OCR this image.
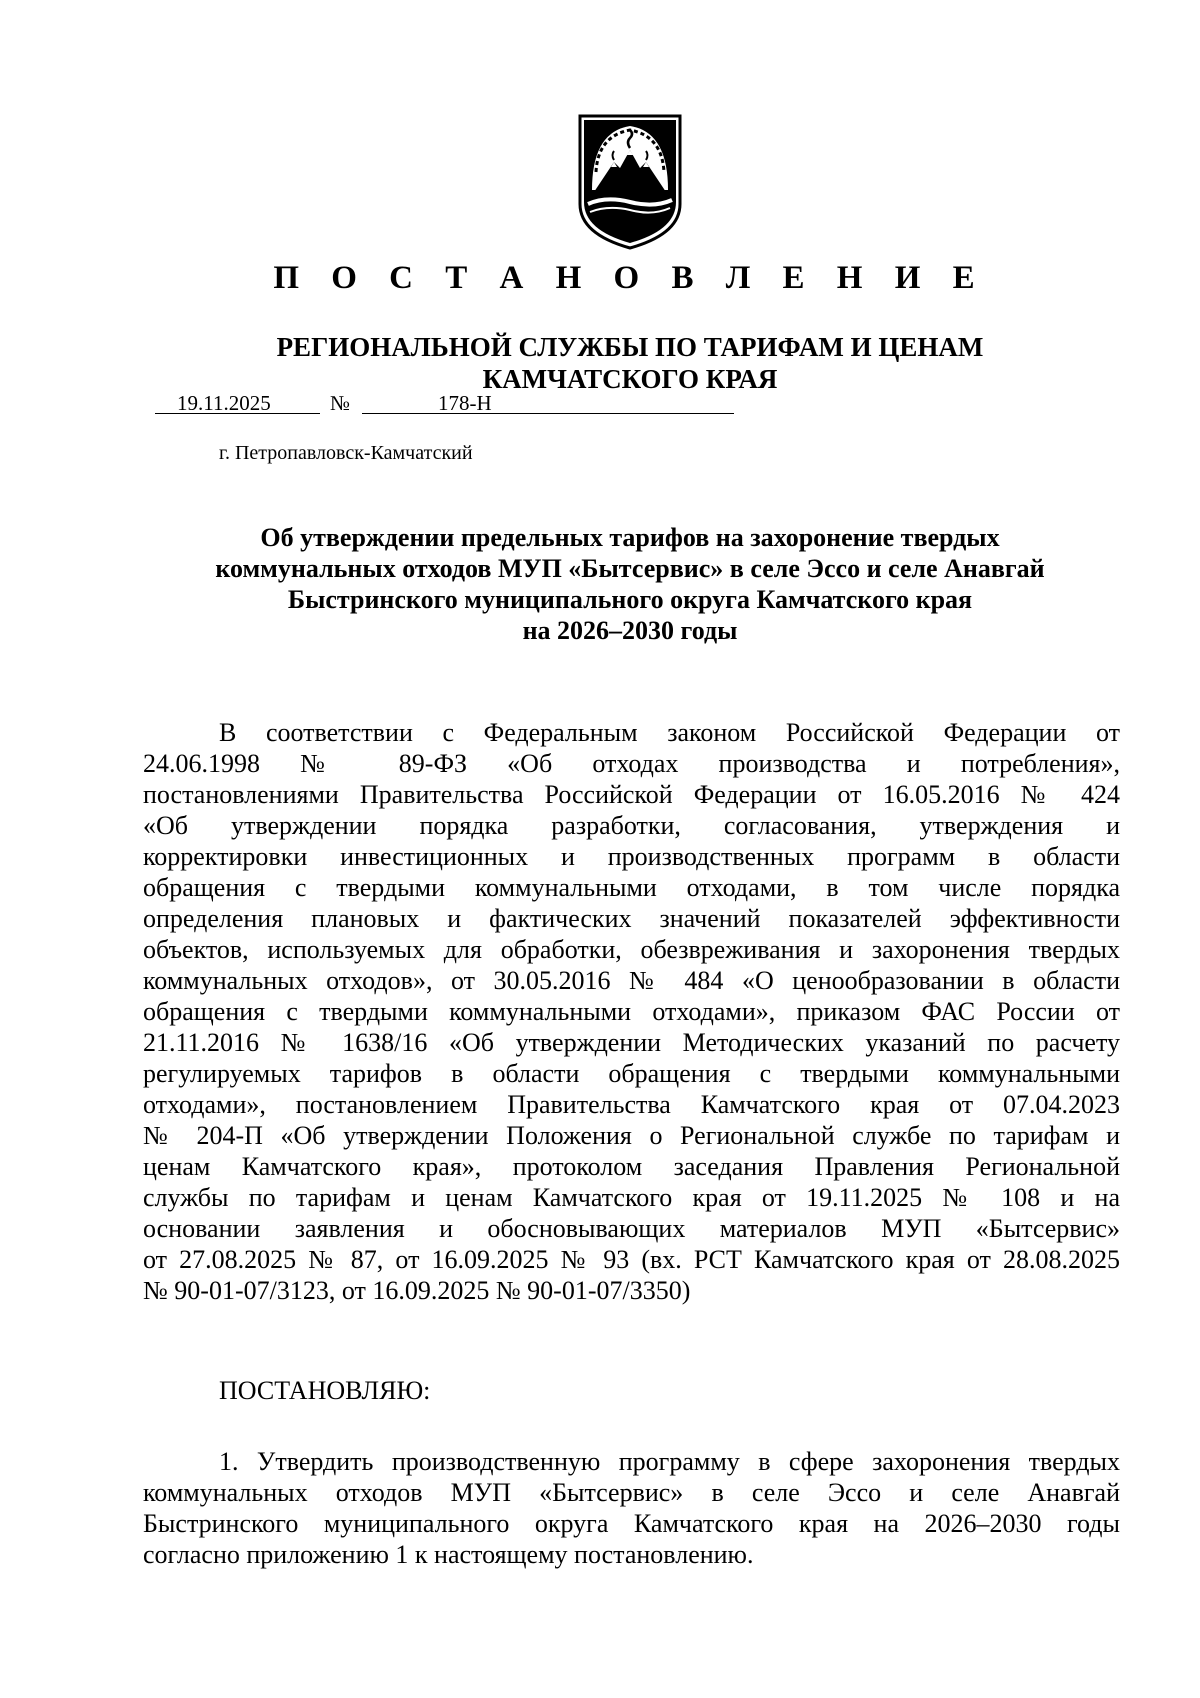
П О С Т А Н О В Л Е Н И Е
РЕГИОНАЛЬНОЙ СЛУЖБЫ ПО ТАРИФАМ И ЦЕНАМ
КАМЧАТСКОГО КРАЯ
19.11.2025	№	178-Н
г. Петропавловск-Камчатский
Об утверждении предельных тарифов на захоронение твердых
коммунальных отходов МУП «Бытсервис» в селе Эссо и селе Анавгай
Быстринского муниципального округа Камчатского края
на 2026–2030 годы
В соответствии с Федеральным законом Российской Федерации от
24.06.1998 № 89-ФЗ «Об отходах производства и потребления»,
постановлениями Правительства Российской Федерации от 16.05.2016 № 424
«Об утверждении порядка разработки, согласования, утверждения и
корректировки инвестиционных и производственных программ в области
обращения с твердыми коммунальными отходами, в том числе порядка
определения плановых и фактических значений показателей эффективности
объектов, используемых для обработки, обезвреживания и захоронения твердых
коммунальных отходов», от 30.05.2016 № 484 «О ценообразовании в области
обращения с твердыми коммунальными отходами», приказом ФАС России от
21.11.2016 № 1638/16 «Об утверждении Методических указаний по расчету
регулируемых тарифов в области обращения с твердыми коммунальными
отходами», постановлением Правительства Камчатского края от 07.04.2023
№ 204-П «Об утверждении Положения о Региональной службе по тарифам и
ценам Камчатского края», протоколом заседания Правления Региональной
службы по тарифам и ценам Камчатского края от 19.11.2025 № 108 и на
основании заявления и обосновывающих материалов МУП «Бытсервис»
от 27.08.2025 № 87, от 16.09.2025 № 93 (вх. РСТ Камчатского края от 28.08.2025
№ 90-01-07/3123, от 16.09.2025 № 90-01-07/3350)
ПОСТАНОВЛЯЮ:
1. Утвердить производственную программу в сфере захоронения твердых
коммунальных отходов МУП «Бытсервис» в селе Эссо и селе Анавгай
Быстринского муниципального округа Камчатского края на 2026–2030 годы
согласно приложению 1 к настоящему постановлению.
